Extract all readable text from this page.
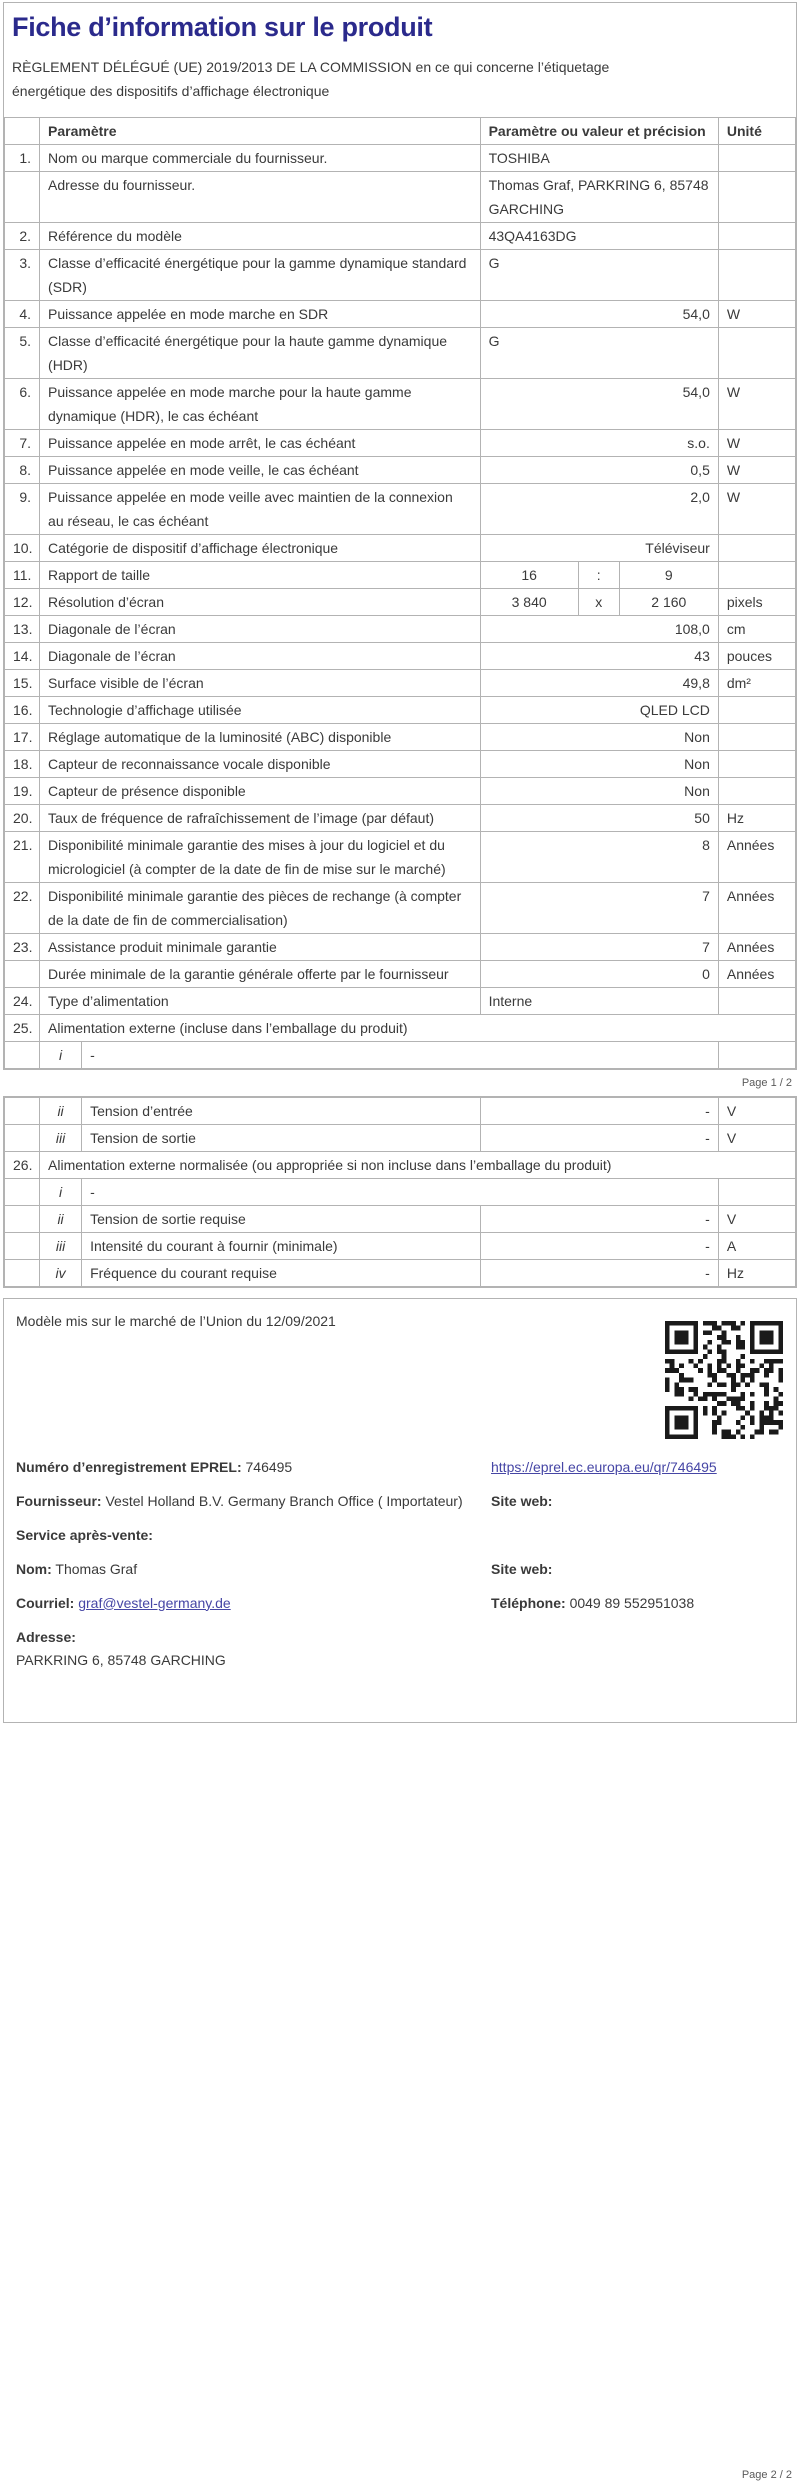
Fiche d’information sur le produit

RÈGLEMENT DÉLÉGUÉ (UE) 2019/2013 DE LA COMMISSION en ce qui concerne l’étiquetage énergétique des dispositifs d’affichage électronique

	Paramètre		Paramètre ou valeur et précision			Unité
1.	Nom ou marque commerciale du fournisseur.		TOSHIBA			
	Adresse du fournisseur.		Thomas Graf, PARKRING 6, 85748 GARCHING			
2.	Référence du modèle		43QA4163DG			
3.	Classe d’efficacité énergétique pour la gamme dynamique standard (SDR)		G			
4.	Puissance appelée en mode marche en SDR		54,0			W
5.	Classe d’efficacité énergétique pour la haute gamme dynamique (HDR)		G			
6.	Puissance appelée en mode marche pour la haute gamme dynamique (HDR), le cas échéant		54,0			W
7.	Puissance appelée en mode arrêt, le cas échéant		s.o.			W
8.	Puissance appelée en mode veille, le cas échéant		0,5			W
9.	Puissance appelée en mode veille avec maintien de la connexion au réseau, le cas échéant		2,0			W
10.	Catégorie de dispositif d’affichage électronique		Téléviseur			
11.	Rapport de taille		16	:	9	
12.	Résolution d’écran		3 840	x	2 160	pixels
13.	Diagonale de l’écran		108,0			cm
14.	Diagonale de l’écran		43			pouces
15.	Surface visible de l’écran		49,8			dm²
16.	Technologie d’affichage utilisée		QLED LCD			
17.	Réglage automatique de la luminosité (ABC) disponible		Non			
18.	Capteur de reconnaissance vocale disponible		Non			
19.	Capteur de présence disponible		Non			
20.	Taux de fréquence de rafraîchissement de l’image (par défaut)		50			Hz
21.	Disponibilité minimale garantie des mises à jour du logiciel et du micrologiciel (à compter de la date de fin de mise sur le marché)		8			Années
22.	Disponibilité minimale garantie des pièces de rechange (à compter de la date de fin de commercialisation)		7			Années
23.	Assistance produit minimale garantie		7			Années
	Durée minimale de la garantie générale offerte par le fournisseur		0			Années
24.	Type d’alimentation		Interne			
25.	Alimentation externe (incluse dans l’emballage du produit)					
	i	-				
Page 1 / 2
	ii	Tension d’entrée	-	V
	iii	Tension de sortie	-	V
26.	Alimentation externe normalisée (ou appropriée si non incluse dans l’emballage du produit)			
	i	-		
	ii	Tension de sortie requise	-	V
	iii	Intensité du courant à fournir (minimale)	-	A
	iv	Fréquence du courant requise	-	Hz
Modèle mis sur le marché de l’Union du 12/09/2021
Numéro d’enregistrement EPREL: 746495	https://eprel.ec.europa.eu/qr/746495
Fournisseur: Vestel Holland B.V. Germany Branch Office ( Importateur)	Site web:
Service après-vente:
Nom: Thomas Graf	Site web:
Courriel: graf@vestel-germany.de	Téléphone: 0049 89 552951038
Adresse:
PARKRING 6, 85748 GARCHING
Page 2 / 2
